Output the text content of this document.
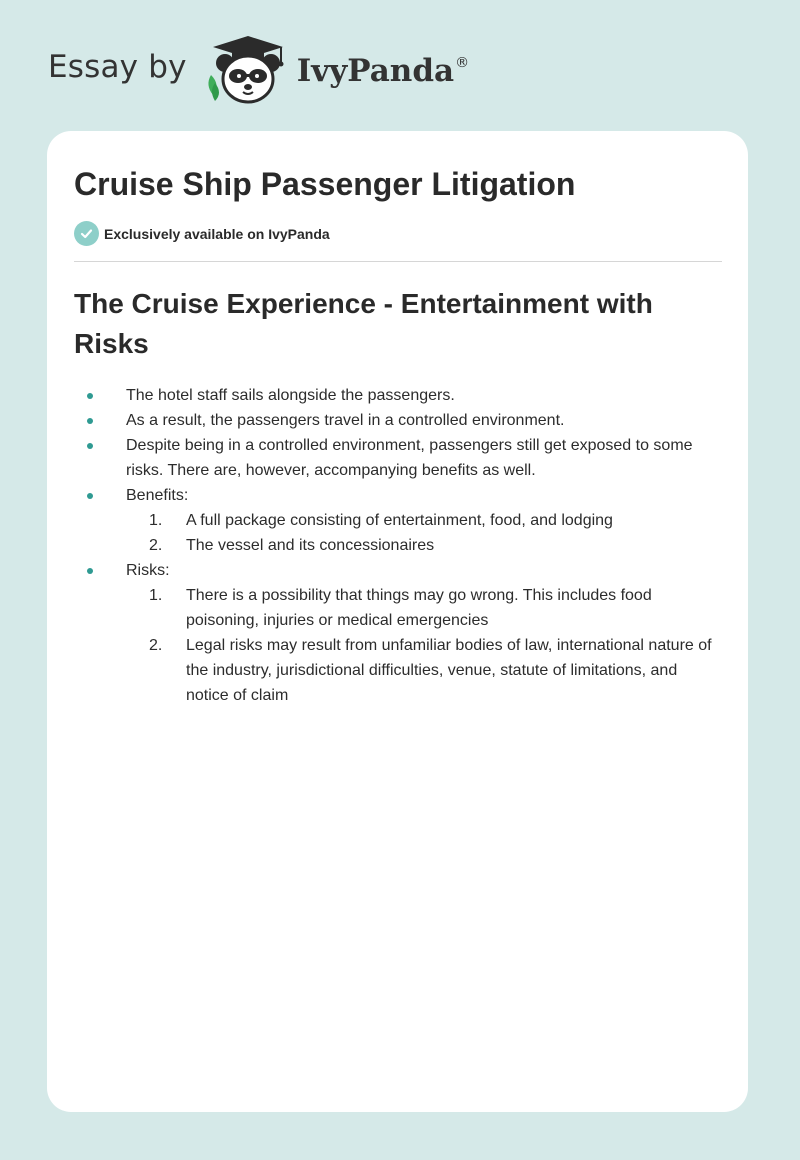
Essay by	IvyPanda®
Cruise Ship Passenger Litigation
Exclusively available on IvyPanda
The Cruise Experience - Entertainment with Risks
The hotel staff sails alongside the passengers.
As a result, the passengers travel in a controlled environment.
Despite being in a controlled environment, passengers still get exposed to some risks. There are, however, accompanying benefits as well.
Benefits:
1. A full package consisting of entertainment, food, and lodging
2. The vessel and its concessionaires
Risks:
1. There is a possibility that things may go wrong. This includes food poisoning, injuries or medical emergencies
2. Legal risks may result from unfamiliar bodies of law, international nature of the industry, jurisdictional difficulties, venue, statute of limitations, and notice of claim
